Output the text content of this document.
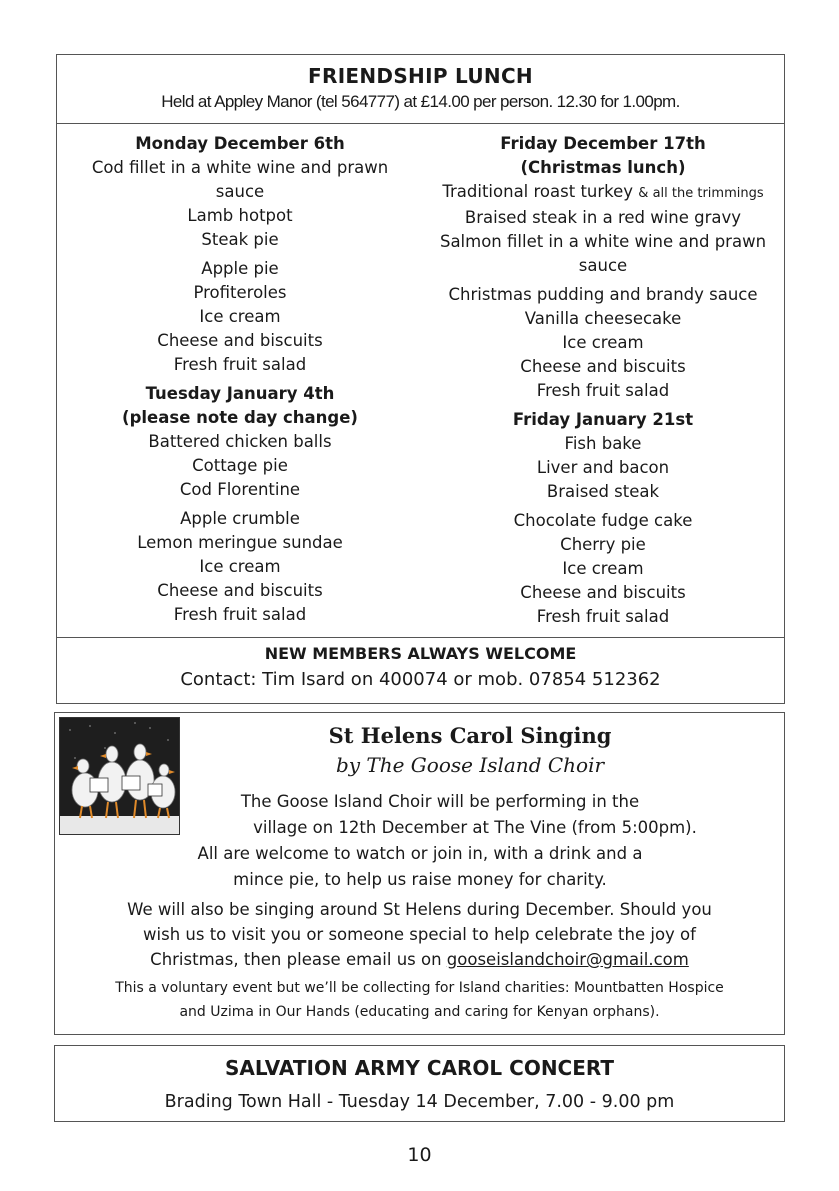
FRIENDSHIP LUNCH
Held at Appley Manor (tel 564777) at £14.00 per person. 12.30 for 1.00pm.
Monday December 6th
Cod fillet in a white wine and prawn
sauce
Lamb hotpot
Steak pie
Apple pie
Profiteroles
Ice cream
Cheese and biscuits
Fresh fruit salad
Tuesday January 4th
(please note day change)
Battered chicken balls
Cottage pie
Cod Florentine
Apple crumble
Lemon meringue sundae
Ice cream
Cheese and biscuits
Fresh fruit salad
Friday December 17th
(Christmas lunch)
Traditional roast turkey & all the trimmings
Braised steak in a red wine gravy
Salmon fillet in a white wine and prawn
sauce
Christmas pudding and brandy sauce
Vanilla cheesecake
Ice cream
Cheese and biscuits
Fresh fruit salad
Friday January 21st
Fish bake
Liver and bacon
Braised steak
Chocolate fudge cake
Cherry pie
Ice cream
Cheese and biscuits
Fresh fruit salad
NEW MEMBERS ALWAYS WELCOME
Contact: Tim Isard on 400074 or mob. 07854 512362
St Helens Carol Singing
by The Goose Island Choir
The Goose Island Choir will be performing in the
village on 12th December at The Vine (from 5:00pm).
All are welcome to watch or join in, with a drink and a
mince pie, to help us raise money for charity.
We will also be singing around St Helens during December. Should you
wish us to visit you or someone special to help celebrate the joy of
Christmas, then please email us on gooseislandchoir@gmail.com
This a voluntary event but we’ll be collecting for Island charities: Mountbatten Hospice
and Uzima in Our Hands (educating and caring for Kenyan orphans).
SALVATION ARMY CAROL CONCERT
Brading Town Hall - Tuesday 14 December, 7.00 - 9.00 pm
10
